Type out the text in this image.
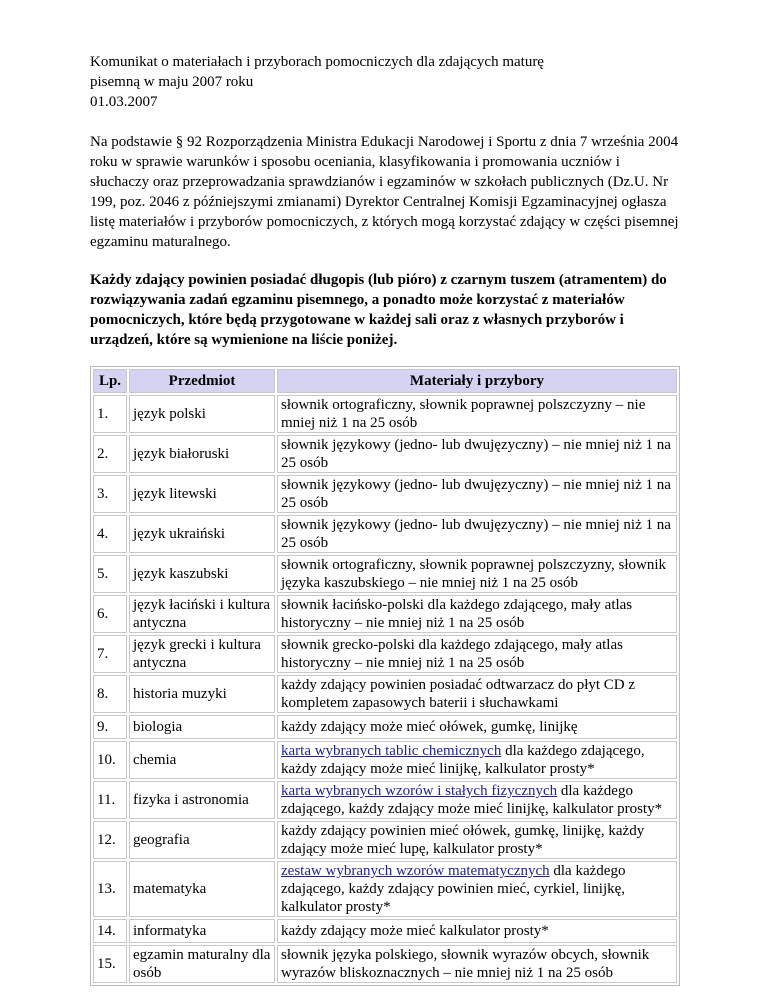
Komunikat o materiałach i przyborach pomocniczych dla zdających maturę

pisemną w maju 2007 roku

01.03.2007

Na podstawie § 92 Rozporządzenia Ministra Edukacji Narodowej i Sportu z dnia 7 września 2004 roku w sprawie warunków i sposobu oceniania, klasyfikowania i promowania uczniów i słuchaczy oraz przeprowadzania sprawdzianów i egzaminów w szkołach publicznych (Dz.U. Nr 199, poz. 2046 z późniejszymi zmianami) Dyrektor Centralnej Komisji Egzaminacyjnej ogłasza listę materiałów i przyborów pomocniczych, z których mogą korzystać zdający w części pisemnej egzaminu maturalnego.

Każdy zdający powinien posiadać długopis (lub pióro) z czarnym tuszem (atramentem) do rozwiązywania zadań egzaminu pisemnego, a ponadto może korzystać z materiałów pomocniczych, które będą przygotowane w każdej sali oraz z własnych przyborów i urządzeń, które są wymienione na liście poniżej.

Lp.	Przedmiot	Materiały i przybory
1.	język polski	słownik ortograficzny, słownik poprawnej polszczyzny – nie mniej niż 1 na 25 osób
2.	język białoruski	słownik językowy (jedno- lub dwujęzyczny) – nie mniej niż 1 na 25 osób
3.	język litewski	słownik językowy (jedno- lub dwujęzyczny) – nie mniej niż 1 na 25 osób
4.	język ukraiński	słownik językowy (jedno- lub dwujęzyczny) – nie mniej niż 1 na 25 osób
5.	język kaszubski	słownik ortograficzny, słownik poprawnej polszczyzny, słownik języka kaszubskiego – nie mniej niż 1 na 25 osób
6.	język łaciński i kultura antyczna	słownik łacińsko-polski dla każdego zdającego, mały atlas historyczny – nie mniej niż 1 na 25 osób
7.	język grecki i kultura antyczna	słownik grecko-polski dla każdego zdającego, mały atlas historyczny – nie mniej niż 1 na 25 osób
8.	historia muzyki	każdy zdający powinien posiadać odtwarzacz do płyt CD z kompletem zapasowych baterii i słuchawkami
9.	biologia	każdy zdający może mieć ołówek, gumkę, linijkę
10.	chemia	karta wybranych tablic chemicznych dla każdego zdającego, każdy zdający może mieć linijkę, kalkulator prosty*
11.	fizyka i astronomia	karta wybranych wzorów i stałych fizycznych dla każdego zdającego, każdy zdający może mieć linijkę, kalkulator prosty*
12.	geografia	każdy zdający powinien mieć ołówek, gumkę, linijkę, każdy zdający może mieć lupę, kalkulator prosty*
13.	matematyka	zestaw wybranych wzorów matematycznych dla każdego zdającego, każdy zdający powinien mieć, cyrkiel, linijkę, kalkulator prosty*
14.	informatyka	każdy zdający może mieć kalkulator prosty*
15.	egzamin maturalny dla osób	słownik języka polskiego, słownik wyrazów obcych, słownik wyrazów bliskoznacznych – nie mniej niż 1 na 25 osób
